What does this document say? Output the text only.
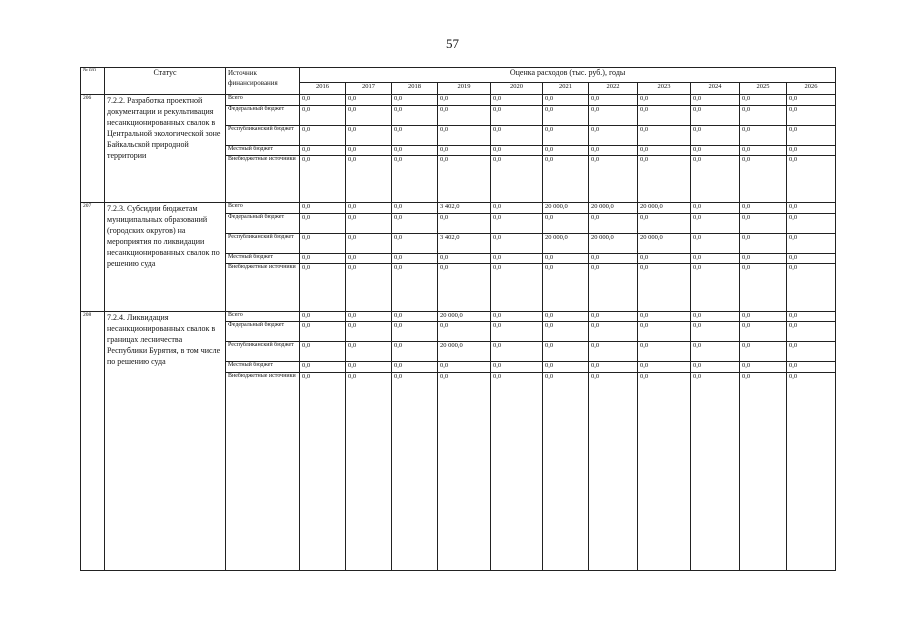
57
№ п/п	Статус	Источник финансирования	Оценка расходов (тыс. руб.), годы										
			2016	2017	2018	2019	2020	2021	2022	2023	2024	2025	2026
206	7.2.2. Разработка проектной документации и рекультивация несанкционированных свалок в Центральной экологической зоне Байкальской природной территории	Всего	0,0	0,0	0,0	0,0	0,0	0,0	0,0	0,0	0,0	0,0	0,0
		Федеральный бюджет	0,0	0,0	0,0	0,0	0,0	0,0	0,0	0,0	0,0	0,0	0,0
		Республиканский бюджет	0,0	0,0	0,0	0,0	0,0	0,0	0,0	0,0	0,0	0,0	0,0
		Местный бюджет	0,0	0,0	0,0	0,0	0,0	0,0	0,0	0,0	0,0	0,0	0,0
		Внебюджетные источники	0,0	0,0	0,0	0,0	0,0	0,0	0,0	0,0	0,0	0,0	0,0
207	7.2.3. Субсидии бюджетам муниципальных образований (городских округов) на мероприятия по ликвидации несанкционированных свалок по решению суда	Всего	0,0	0,0	0,0	3 402,0	0,0	20 000,0	20 000,0	20 000,0	0,0	0,0	0,0
		Федеральный бюджет	0,0	0,0	0,0	0,0	0,0	0,0	0,0	0,0	0,0	0,0	0,0
		Республиканский бюджет	0,0	0,0	0,0	3 402,0	0,0	20 000,0	20 000,0	20 000,0	0,0	0,0	0,0
		Местный бюджет	0,0	0,0	0,0	0,0	0,0	0,0	0,0	0,0	0,0	0,0	0,0
		Внебюджетные источники	0,0	0,0	0,0	0,0	0,0	0,0	0,0	0,0	0,0	0,0	0,0
208	7.2.4. Ликвидация несанкционированных свалок в границах лесничества Республики Бурятия, в том числе по решению суда	Всего	0,0	0,0	0,0	20 000,0	0,0	0,0	0,0	0,0	0,0	0,0	0,0
		Федеральный бюджет	0,0	0,0	0,0	0,0	0,0	0,0	0,0	0,0	0,0	0,0	0,0
		Республиканский бюджет	0,0	0,0	0,0	20 000,0	0,0	0,0	0,0	0,0	0,0	0,0	0,0
		Местный бюджет	0,0	0,0	0,0	0,0	0,0	0,0	0,0	0,0	0,0	0,0	0,0
		Внебюджетные источники	0,0	0,0	0,0	0,0	0,0	0,0	0,0	0,0	0,0	0,0	0,0
